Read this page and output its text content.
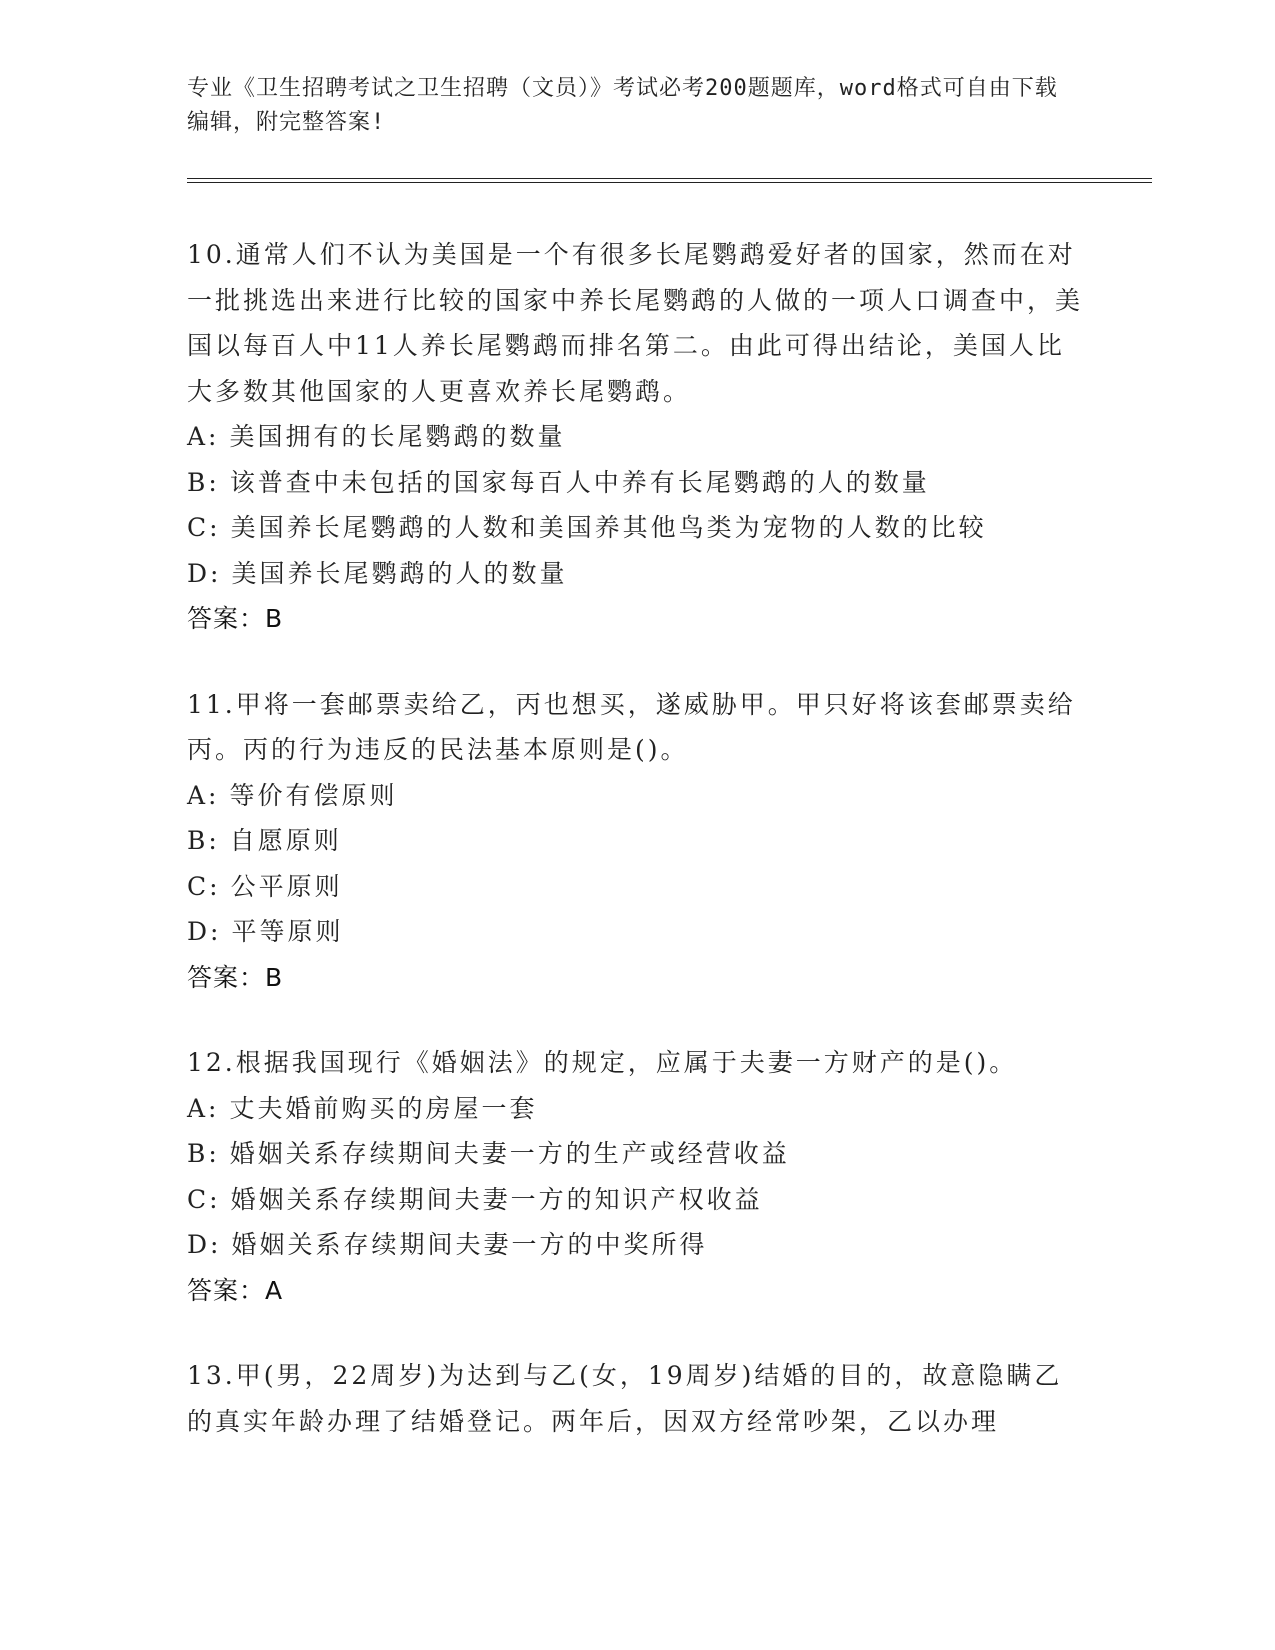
专业《卫生招聘考试之卫生招聘（文员）》考试必考200题题库，word格式可自由下载编辑，附完整答案!
10.通常人们不认为美国是一个有很多长尾鹦鹉爱好者的国家，然而在对一批挑选出来进行比较的国家中养长尾鹦鹉的人做的一项人口调查中，美国以每百人中11人养长尾鹦鹉而排名第二。由此可得出结论，美国人比大多数其他国家的人更喜欢养长尾鹦鹉。
A: 美国拥有的长尾鹦鹉的数量
B: 该普查中未包括的国家每百人中养有长尾鹦鹉的人的数量
C: 美国养长尾鹦鹉的人数和美国养其他鸟类为宠物的人数的比较
D: 美国养长尾鹦鹉的人的数量
答案：B
11.甲将一套邮票卖给乙，丙也想买，遂威胁甲。甲只好将该套邮票卖给丙。丙的行为违反的民法基本原则是()。
A: 等价有偿原则
B: 自愿原则
C: 公平原则
D: 平等原则
答案：B
12.根据我国现行《婚姻法》的规定，应属于夫妻一方财产的是()。
A: 丈夫婚前购买的房屋一套
B: 婚姻关系存续期间夫妻一方的生产或经营收益
C: 婚姻关系存续期间夫妻一方的知识产权收益
D: 婚姻关系存续期间夫妻一方的中奖所得
答案：A
13.甲(男，22周岁)为达到与乙(女，19周岁)结婚的目的，故意隐瞒乙的真实年龄办理了结婚登记。两年后，因双方经常吵架，乙以办理
